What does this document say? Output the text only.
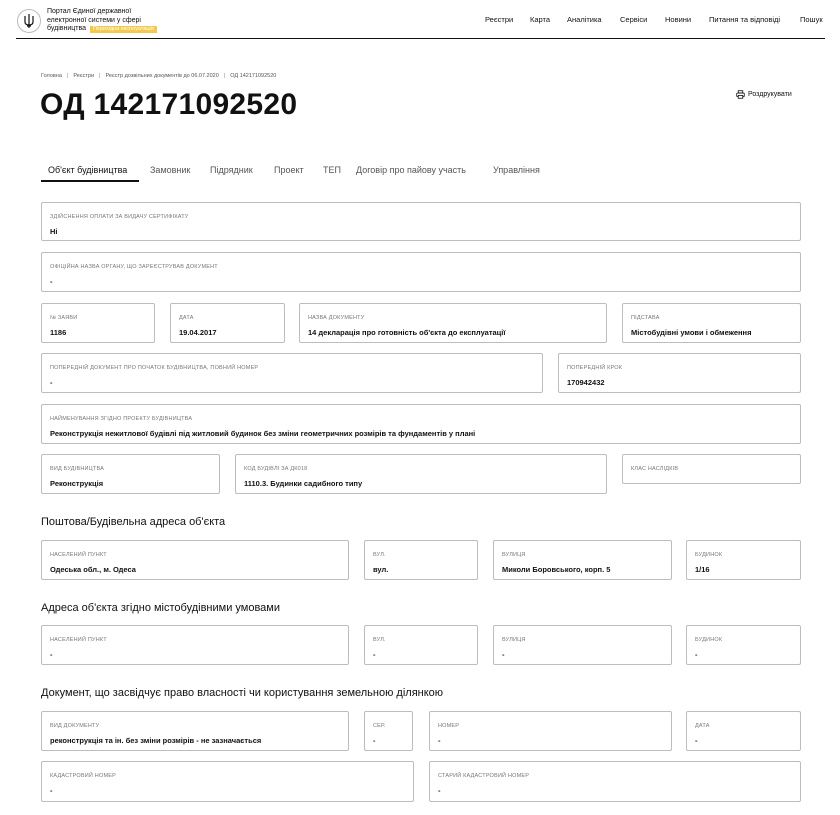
Портал Єдиної державної електронної системи у сфері будівництва Перехідна експлуатація
Реєстри Карта Аналітика Сервіси Новини Питання та відповіді	Пошук
Головна | Реєстри | Реєстр дозвільних документів до 06.07.2020 | ОД 142171092520
ОД 142171092520	Роздрукувати
Об'єкт будівництва	Замовник Підрядник Проект ТЕП Договір про пайову участь	Управління
ЗДІЙСНЕННЯ ОПЛАТИ ЗА ВИДАЧУ СЕРТИФІКАТУ
Ні
ОФІЦІЙНА НАЗВА ОРГАНУ, ЩО ЗАРЕЄСТРУВАВ ДОКУМЕНТ
-
№ ЗАЯВИ
1186
ДАТА
19.04.2017
НАЗВА ДОКУМЕНТУ
14 декларація про готовність об'єкта до експлуатації
ПІДСТАВА
Містобудівні умови і обмеження
ПОПЕРЕДНІЙ ДОКУМЕНТ ПРО ПОЧАТОК БУДІВНИЦТВА, ПОВНИЙ НОМЕР
-
ПОПЕРЕДНІЙ КРОК
170942432
НАЙМЕНУВАННЯ ЗГІДНО ПРОЕКТУ БУДІВНИЦТВА
Реконструкція нежитлової будівлі під житловий будинок без зміни геометричних розмірів та фундаментів у плані
ВИД БУДІВНИЦТВА
Реконструкція
КОД БУДІВЛІ ЗА ДК018
1110.3. Будинки садибного типу
КЛАС НАСЛІДКІВ
Поштова/Будівельна адреса об'єкта
НАСЕЛЕНИЙ ПУНКТ
Одеська обл., м. Одеса
ВУЛ.
вул.
ВУЛИЦЯ
Миколи Боровського, корп. 5
БУДИНОК
1/16
Адреса об'єкта згідно містобудівними умовами
НАСЕЛЕНИЙ ПУНКТ
-
ВУЛ.
-
ВУЛИЦЯ
-
БУДИНОК
-
Документ, що засвідчує право власності чи користування земельною ділянкою
ВИД ДОКУМЕНТУ
реконструкція та ін. без зміни розмірів - не зазначається
СЕР.
-
НОМЕР
-
ДАТА
-
КАДАСТРОВИЙ НОМЕР
-
СТАРИЙ КАДАСТРОВИЙ НОМЕР
-
